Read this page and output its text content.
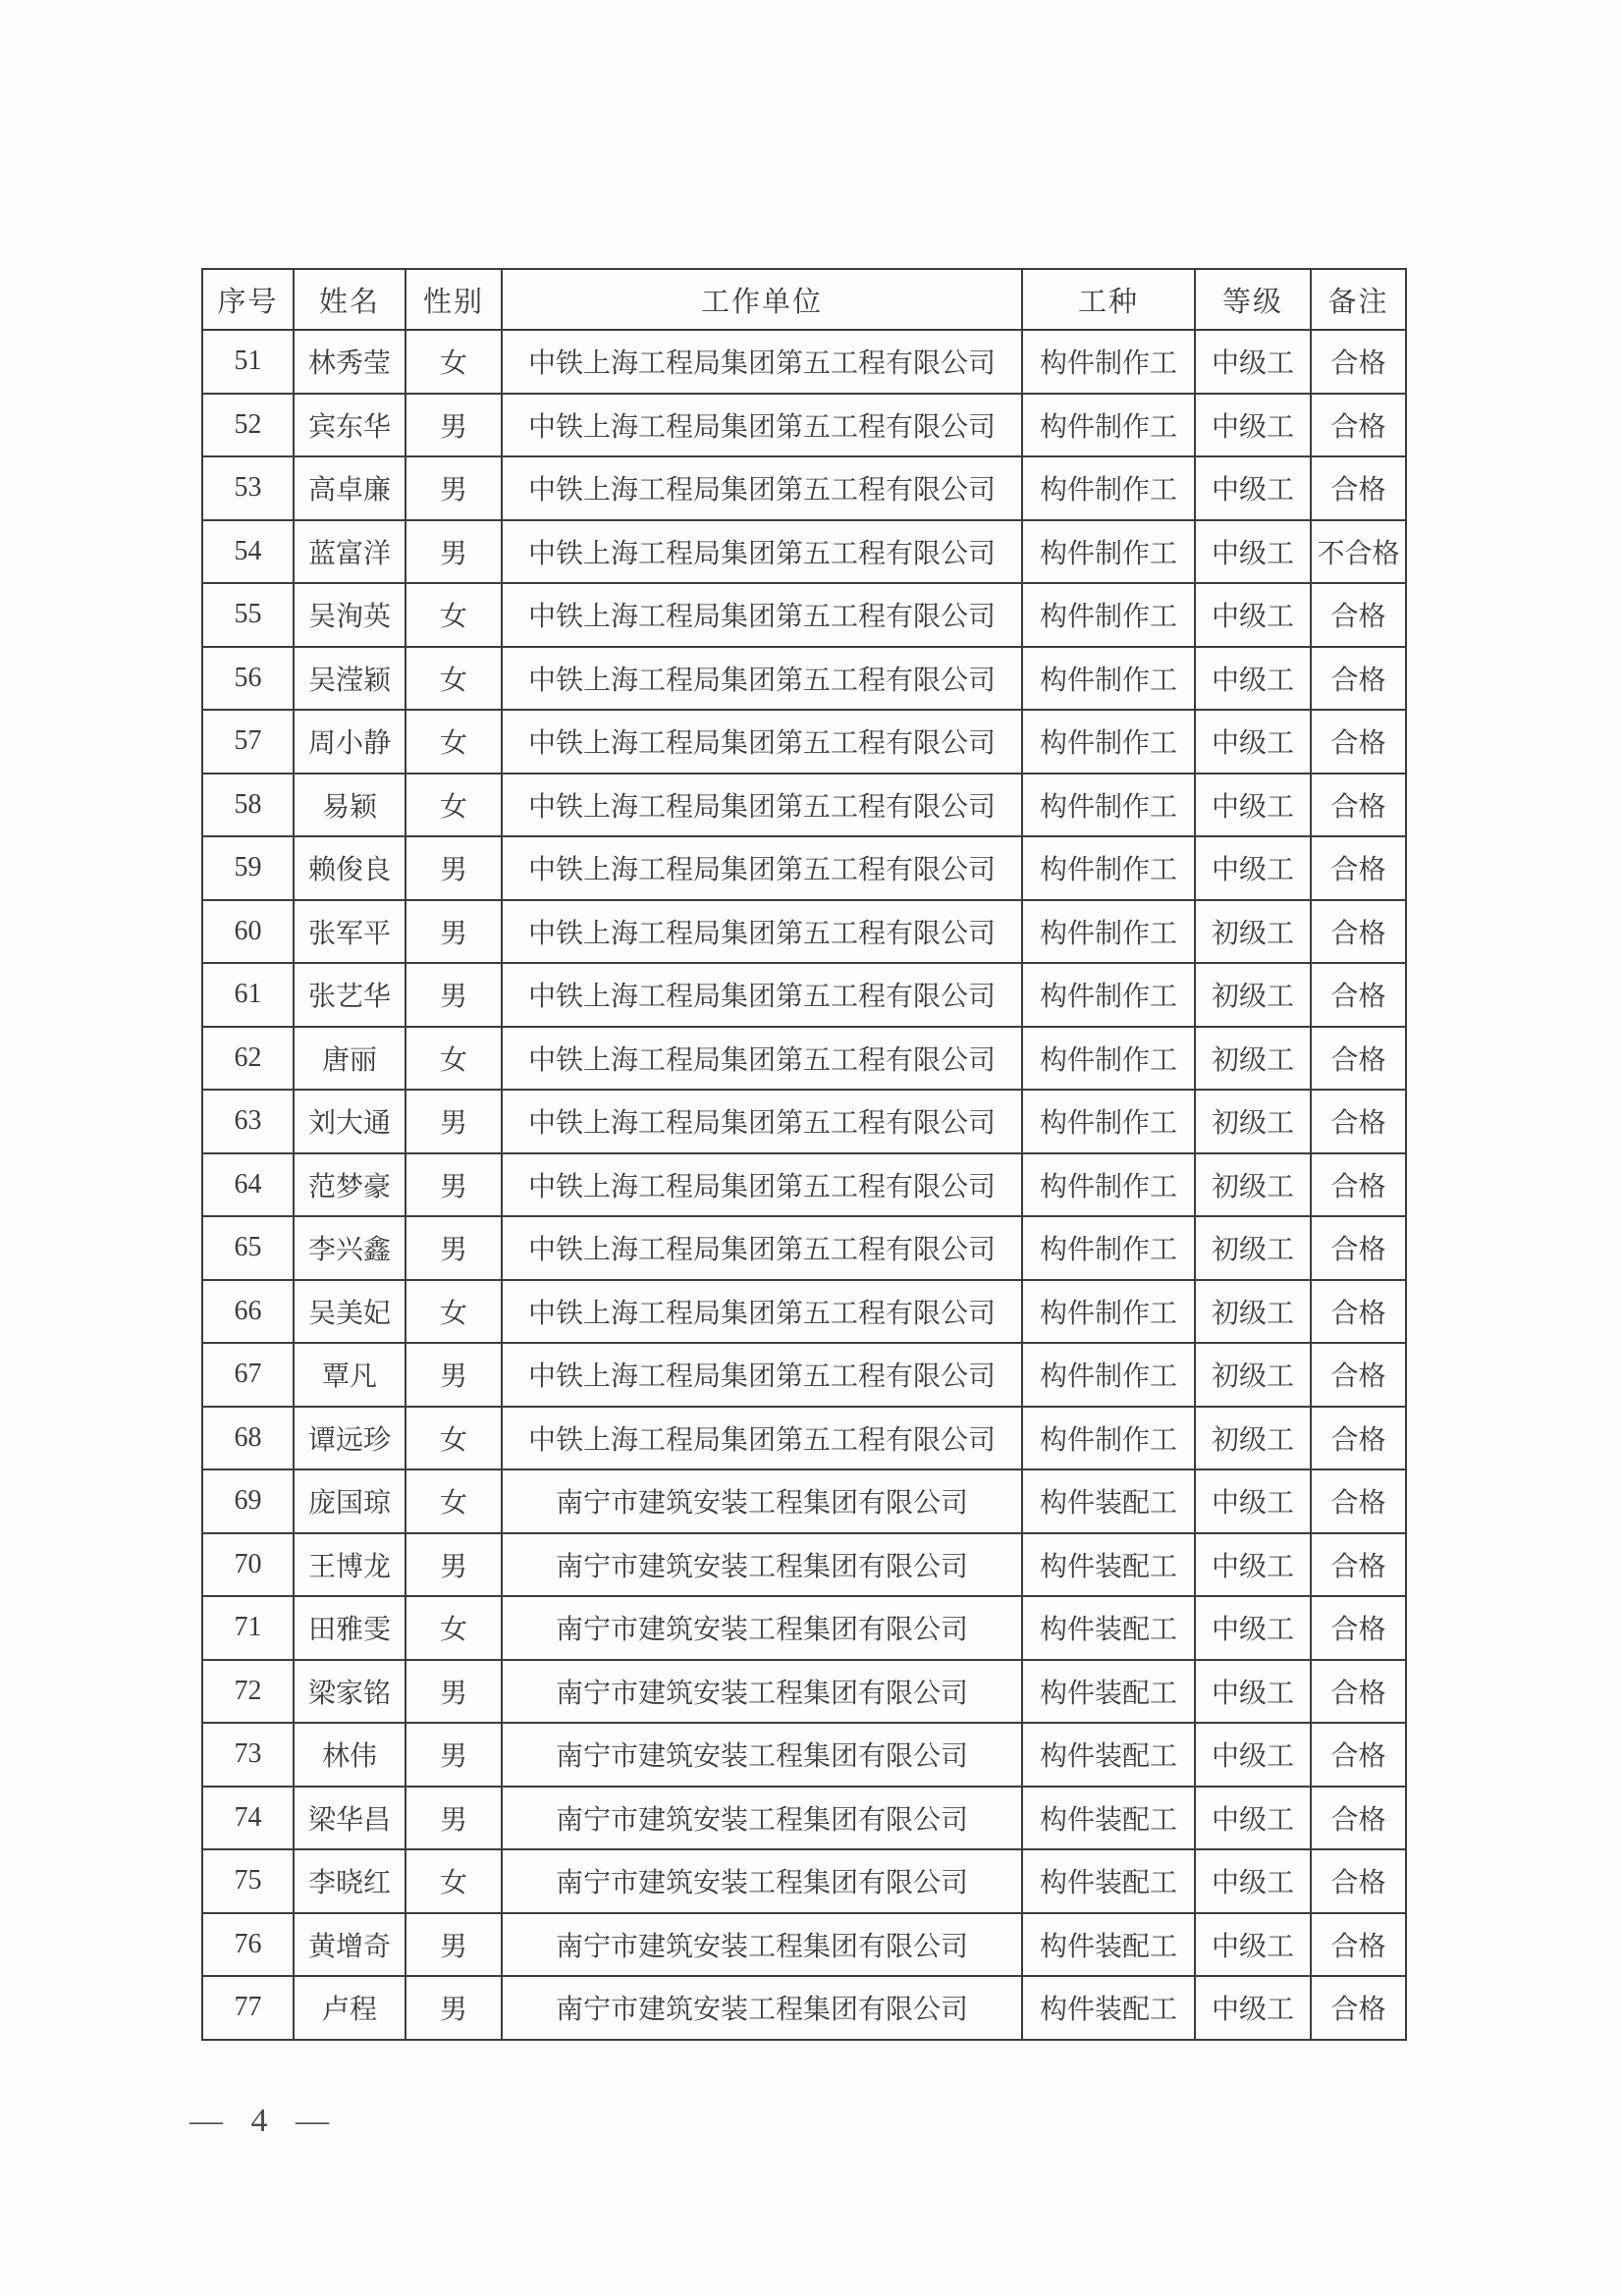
序号	姓名	性别	工作单位	工种	等级	备注
51	林秀莹	女	中铁上海工程局集团第五工程有限公司	构件制作工	中级工	合格
52	宾东华	男	中铁上海工程局集团第五工程有限公司	构件制作工	中级工	合格
53	高卓廉	男	中铁上海工程局集团第五工程有限公司	构件制作工	中级工	合格
54	蓝富洋	男	中铁上海工程局集团第五工程有限公司	构件制作工	中级工	不合格
55	吴洵英	女	中铁上海工程局集团第五工程有限公司	构件制作工	中级工	合格
56	吴滢颖	女	中铁上海工程局集团第五工程有限公司	构件制作工	中级工	合格
57	周小静	女	中铁上海工程局集团第五工程有限公司	构件制作工	中级工	合格
58	易颖	女	中铁上海工程局集团第五工程有限公司	构件制作工	中级工	合格
59	赖俊良	男	中铁上海工程局集团第五工程有限公司	构件制作工	中级工	合格
60	张军平	男	中铁上海工程局集团第五工程有限公司	构件制作工	初级工	合格
61	张艺华	男	中铁上海工程局集团第五工程有限公司	构件制作工	初级工	合格
62	唐丽	女	中铁上海工程局集团第五工程有限公司	构件制作工	初级工	合格
63	刘大通	男	中铁上海工程局集团第五工程有限公司	构件制作工	初级工	合格
64	范梦豪	男	中铁上海工程局集团第五工程有限公司	构件制作工	初级工	合格
65	李兴鑫	男	中铁上海工程局集团第五工程有限公司	构件制作工	初级工	合格
66	吴美妃	女	中铁上海工程局集团第五工程有限公司	构件制作工	初级工	合格
67	覃凡	男	中铁上海工程局集团第五工程有限公司	构件制作工	初级工	合格
68	谭远珍	女	中铁上海工程局集团第五工程有限公司	构件制作工	初级工	合格
69	庞国琼	女	南宁市建筑安装工程集团有限公司	构件装配工	中级工	合格
70	王博龙	男	南宁市建筑安装工程集团有限公司	构件装配工	中级工	合格
71	田雅雯	女	南宁市建筑安装工程集团有限公司	构件装配工	中级工	合格
72	梁家铭	男	南宁市建筑安装工程集团有限公司	构件装配工	中级工	合格
73	林伟	男	南宁市建筑安装工程集团有限公司	构件装配工	中级工	合格
74	梁华昌	男	南宁市建筑安装工程集团有限公司	构件装配工	中级工	合格
75	李晓红	女	南宁市建筑安装工程集团有限公司	构件装配工	中级工	合格
76	黄增奇	男	南宁市建筑安装工程集团有限公司	构件装配工	中级工	合格
77	卢程	男	南宁市建筑安装工程集团有限公司	构件装配工	中级工	合格
— 4 —
